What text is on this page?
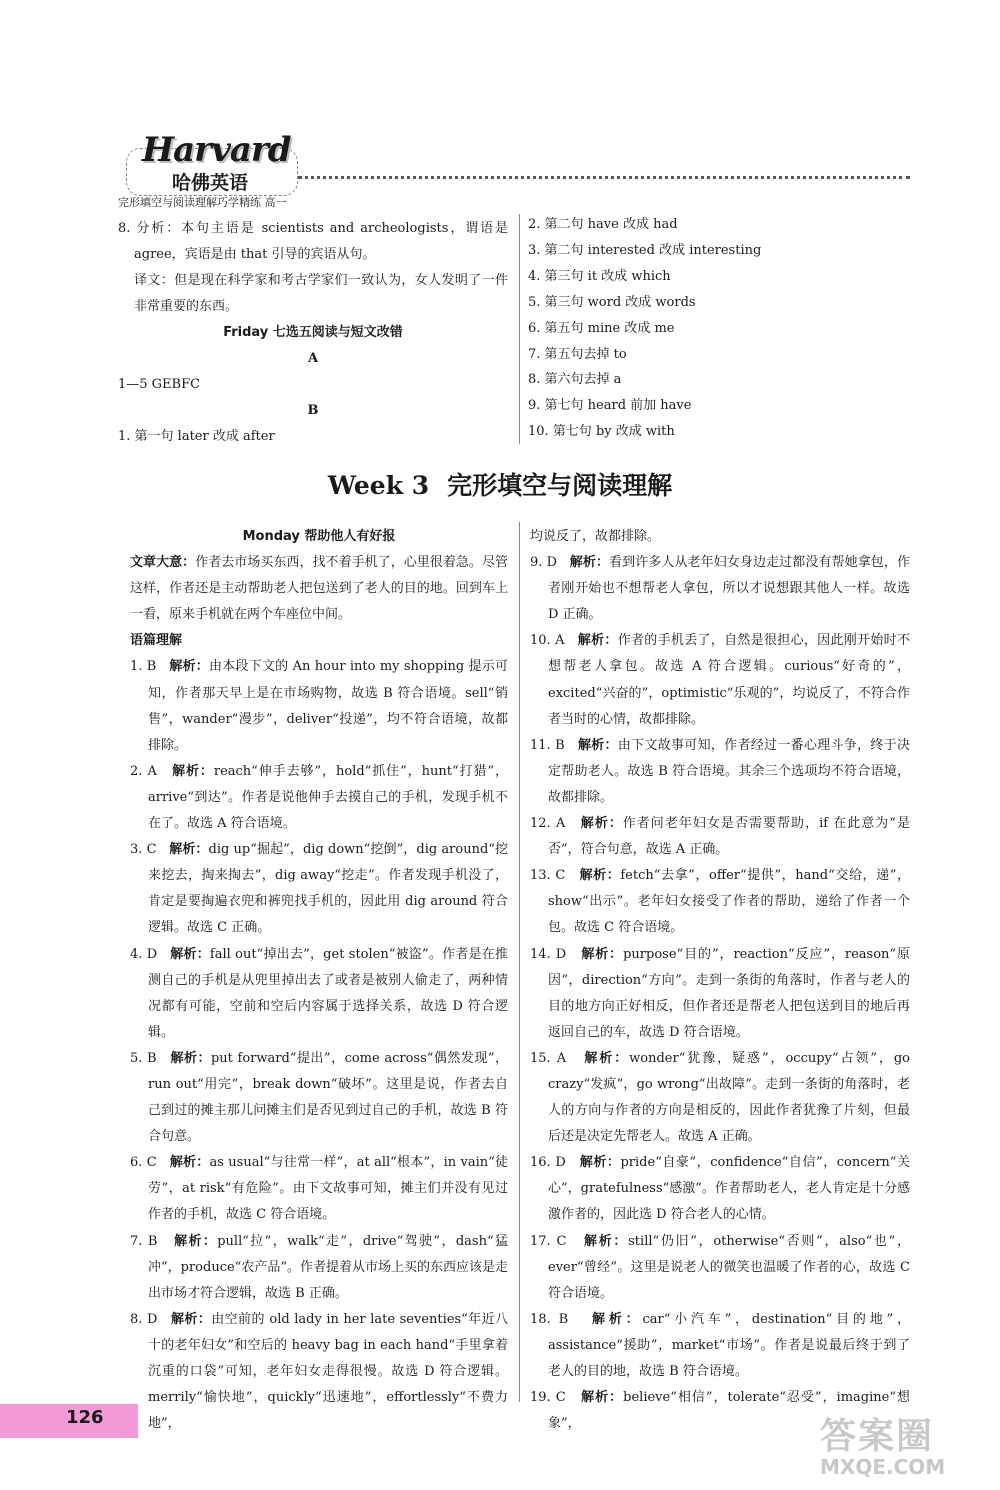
Harvard
哈佛英语
完形填空与阅读理解巧学精练 高一

8. 分析：本句主语是 scientists and archeologists，谓语是 agree，宾语是由 that 引导的宾语从句。

译文：但是现在科学家和考古学家们一致认为，女人发明了一件非常重要的东西。

Friday 七选五阅读与短文改错

A

1—5 GEBFC

B

1. 第一句 later 改成 after

2. 第二句 have 改成 had

3. 第二句 interested 改成 interesting

4. 第三句 it 改成 which

5. 第三句 word 改成 words

6. 第五句 mine 改成 me

7. 第五句去掉 to

8. 第六句去掉 a

9. 第七句 heard 前加 have

10. 第七句 by 改成 with

Week 3 完形填空与阅读理解

Monday 帮助他人有好报

文章大意：作者去市场买东西，找不着手机了，心里很着急。尽管这样，作者还是主动帮助老人把包送到了老人的目的地。回到车上一看，原来手机就在两个车座位中间。

语篇理解

1. B 解析：由本段下文的 An hour into my shopping 提示可知，作者那天早上是在市场购物，故选 B 符合语境。sell“销售”，wander“漫步”，deliver“投递”，均不符合语境，故都排除。

2. A 解析：reach“伸手去够”，hold“抓住”，hunt“打猎”，arrive“到达”。作者是说他伸手去摸自己的手机，发现手机不在了。故选 A 符合语境。

3. C 解析：dig up“掘起”，dig down“挖倒”，dig around“挖来挖去，掏来掏去”，dig away“挖走”。作者发现手机没了，肯定是要掏遍衣兜和裤兜找手机的，因此用 dig around 符合逻辑。故选 C 正确。

4. D 解析：fall out“掉出去”，get stolen“被盗”。作者是在推测自己的手机是从兜里掉出去了或者是被别人偷走了，两种情况都有可能，空前和空后内容属于选择关系，故选 D 符合逻辑。

5. B 解析：put forward“提出”，come across“偶然发现”，run out“用完”，break down“破坏”。这里是说，作者去自己到过的摊主那儿问摊主们是否见到过自己的手机，故选 B 符合句意。

6. C 解析：as usual“与往常一样”，at all“根本”，in vain“徒劳”，at risk“有危险”。由下文故事可知，摊主们并没有见过作者的手机，故选 C 符合语境。

7. B 解析：pull“拉”，walk“走”，drive“驾驶”，dash“猛冲”，produce“农产品”。作者提着从市场上买的东西应该是走出市场才符合逻辑，故选 B 正确。

8. D 解析：由空前的 old lady in her late seventies“年近八十的老年妇女”和空后的 heavy bag in each hand“手里拿着沉重的口袋”可知，老年妇女走得很慢。故选 D 符合逻辑。merrily“愉快地”，quickly“迅速地”，effortlessly“不费力地”，

均说反了，故都排除。

9. D 解析：看到许多人从老年妇女身边走过都没有帮她拿包，作者刚开始也不想帮老人拿包，所以才说想跟其他人一样。故选 D 正确。

10. A 解析：作者的手机丢了，自然是很担心，因此刚开始时不想帮老人拿包。故选 A 符合逻辑。curious“好奇的”，excited“兴奋的”，optimistic“乐观的”，均说反了，不符合作者当时的心情，故都排除。

11. B 解析：由下文故事可知，作者经过一番心理斗争，终于决定帮助老人。故选 B 符合语境。其余三个选项均不符合语境，故都排除。

12. A 解析：作者问老年妇女是否需要帮助，if 在此意为“是否”，符合句意，故选 A 正确。

13. C 解析：fetch“去拿”，offer“提供”，hand“交给，递”，show“出示”。老年妇女接受了作者的帮助，递给了作者一个包。故选 C 符合语境。

14. D 解析：purpose“目的”，reaction“反应”，reason“原因”，direction“方向”。走到一条街的角落时，作者与老人的目的地方向正好相反，但作者还是帮老人把包送到目的地后再返回自己的车，故选 D 符合语境。

15. A 解析：wonder“犹豫，疑惑”，occupy“占领”，go crazy“发疯”，go wrong“出故障”。走到一条街的角落时，老人的方向与作者的方向是相反的，因此作者犹豫了片刻，但最后还是决定先帮老人。故选 A 正确。

16. D 解析：pride“自豪”，confidence“自信”，concern“关心”，gratefulness“感激”。作者帮助老人，老人肯定是十分感激作者的，因此选 D 符合老人的心情。

17. C 解析：still“仍旧”，otherwise“否则”，also“也”，ever“曾经”。这里是说老人的微笑也温暖了作者的心，故选 C 符合语境。

18. B 解析：car“小汽车”，destination“目的地”，assistance“援助”，market“市场”。作者是说最后终于到了老人的目的地，故选 B 符合语境。

19. C 解析：believe“相信”，tolerate“忍受”，imagine“想象”，

126	答案圈
MXQE.COM
